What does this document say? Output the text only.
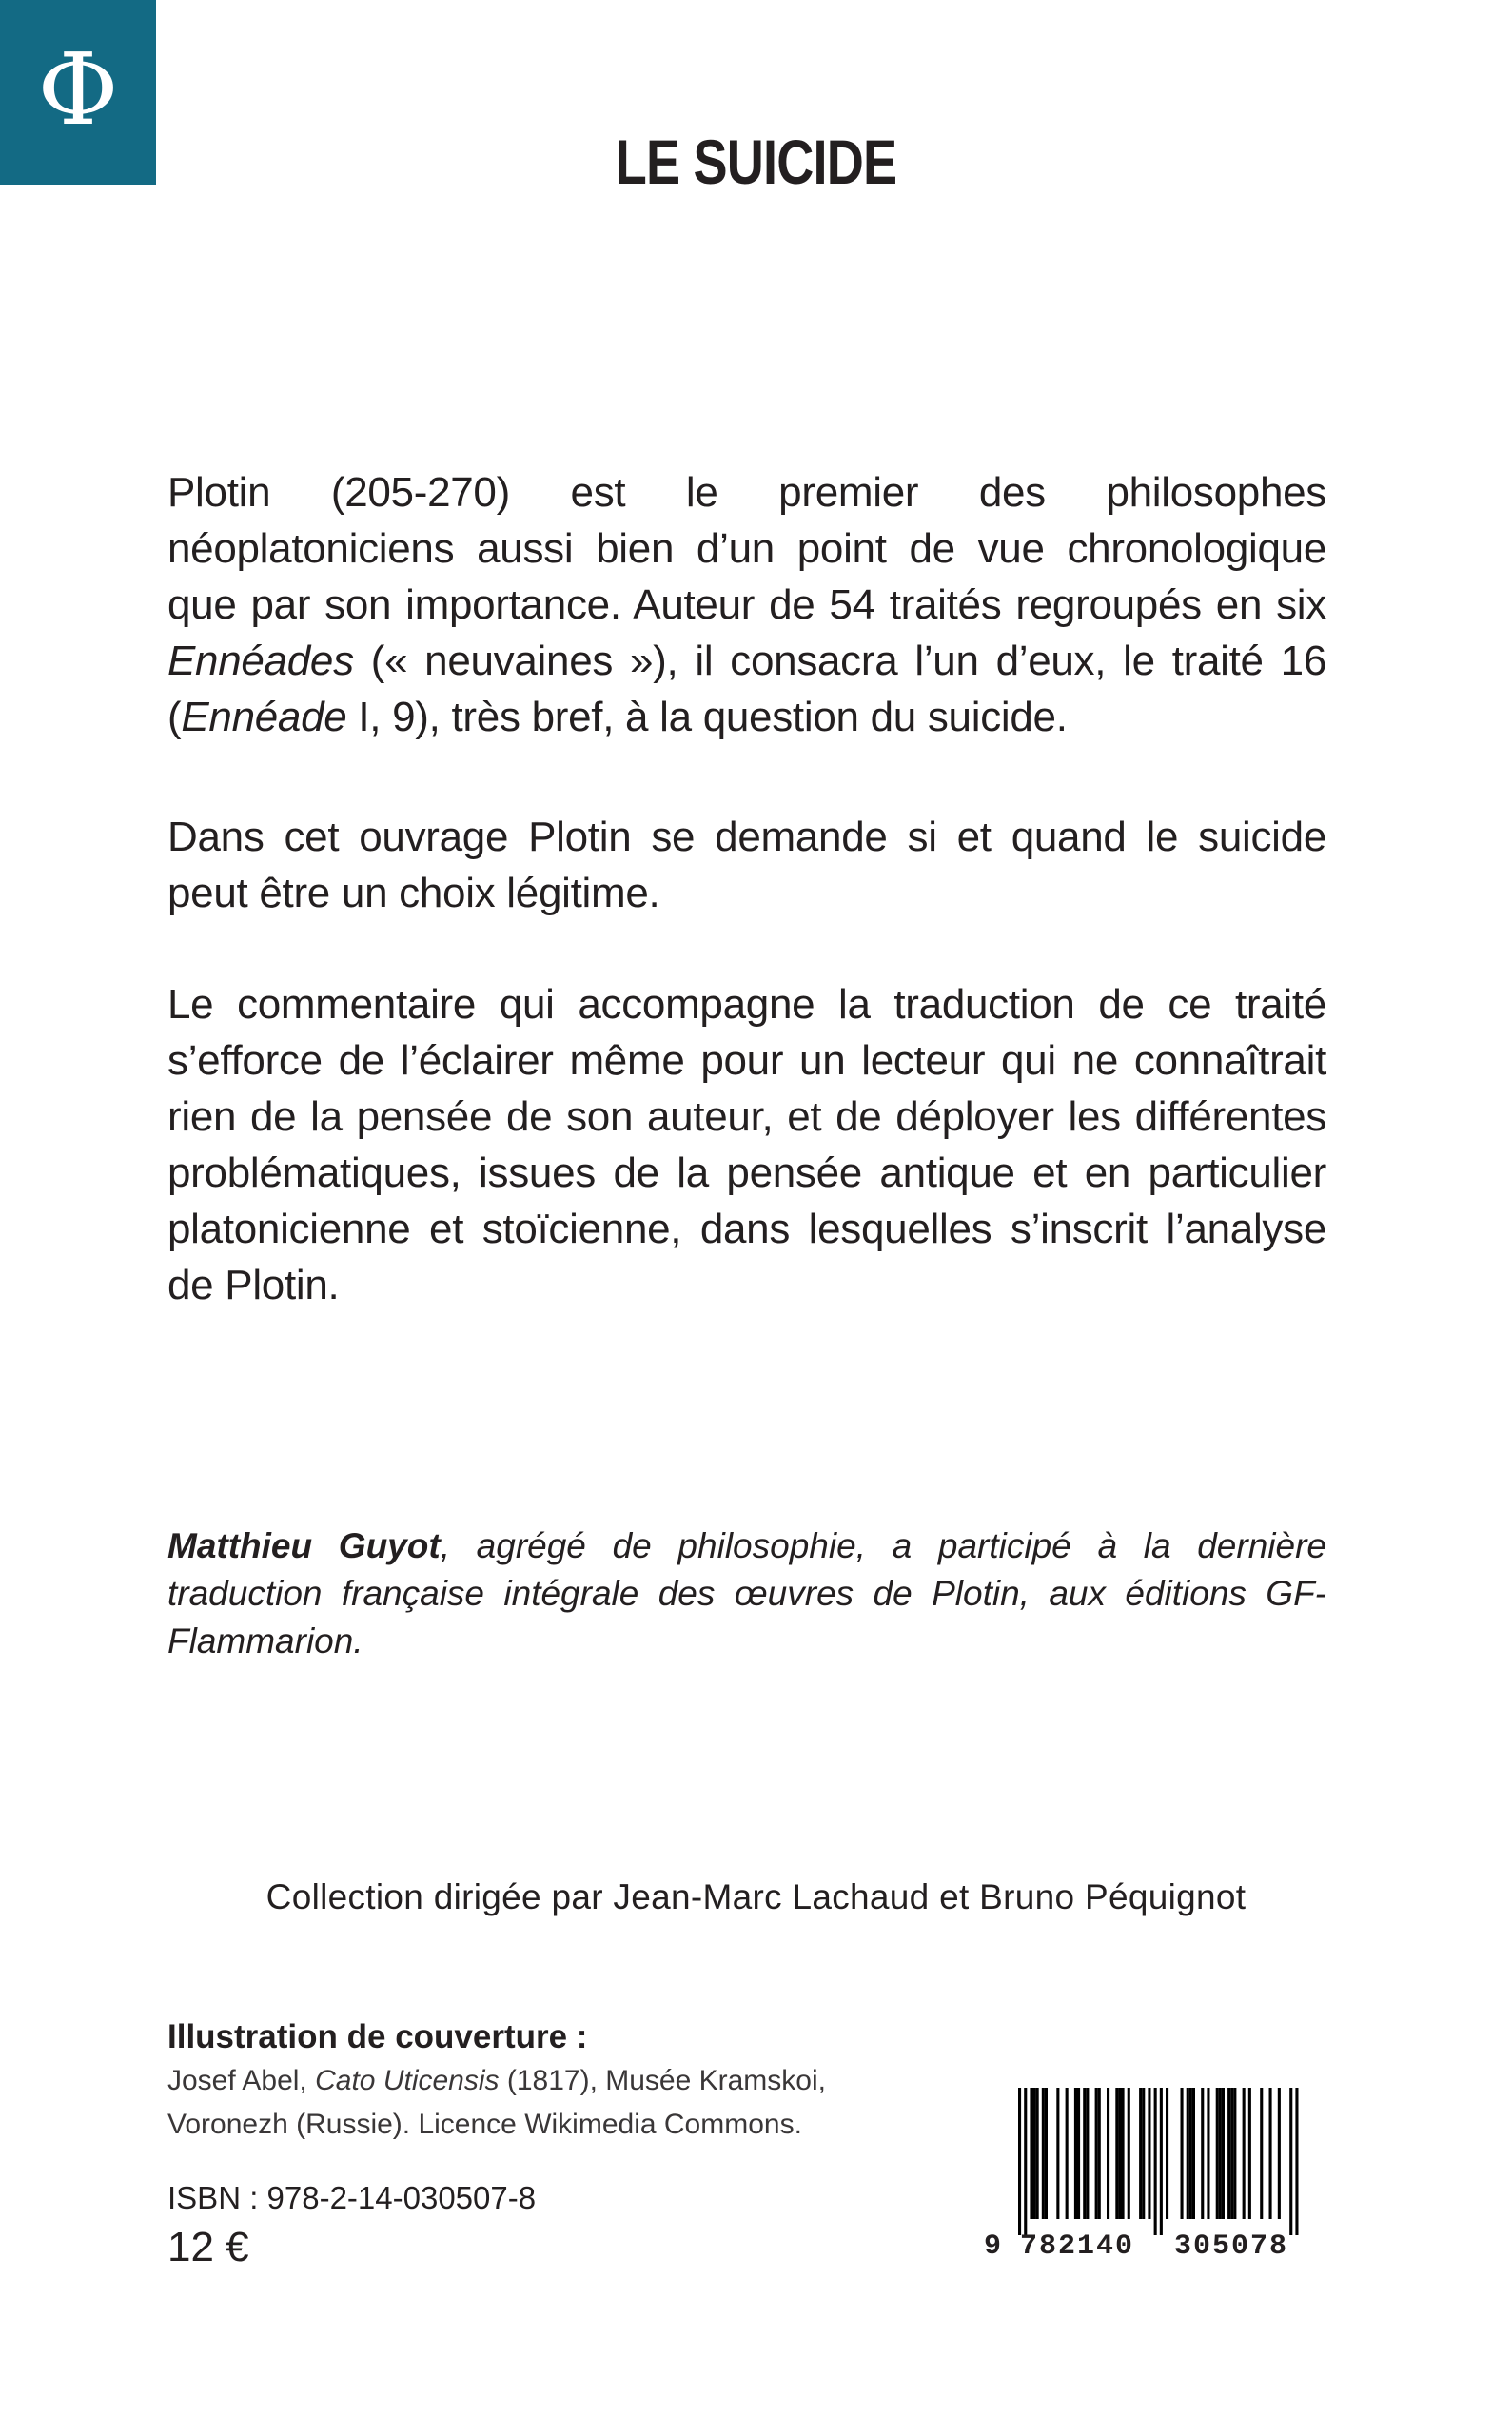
Φ
LE SUICIDE

Plotin (205-270) est le premier des philosophes néoplatoniciens aussi bien d’un point de vue chronologique que par son importance. Auteur de 54 traités regroupés en six Ennéades (« neuvaines »), il consacra l’un d’eux, le traité 16 (Ennéade I, 9), très bref, à la question du suicide.

Dans cet ouvrage Plotin se demande si et quand le suicide peut être un choix légitime.

Le commentaire qui accompagne la traduction de ce traité s’efforce de l’éclairer même pour un lecteur qui ne connaîtrait rien de la pensée de son auteur, et de déployer les différentes problématiques, issues de la pensée antique et en particulier platonicienne et stoïcienne, dans lesquelles s’inscrit l’analyse de Plotin.

Matthieu Guyot, agrégé de philosophie, a participé à la dernière traduction française intégrale des œuvres de Plotin, aux éditions GF-Flammarion.
Collection dirigée par Jean-Marc Lachaud et Bruno Péquignot
Illustration de couverture :
Josef Abel, Cato Uticensis (1817), Musée Kramskoi,
Voronezh (Russie). Licence Wikimedia Commons.
ISBN : 978-2-14-030507-8
12 €	9 782140 305078
